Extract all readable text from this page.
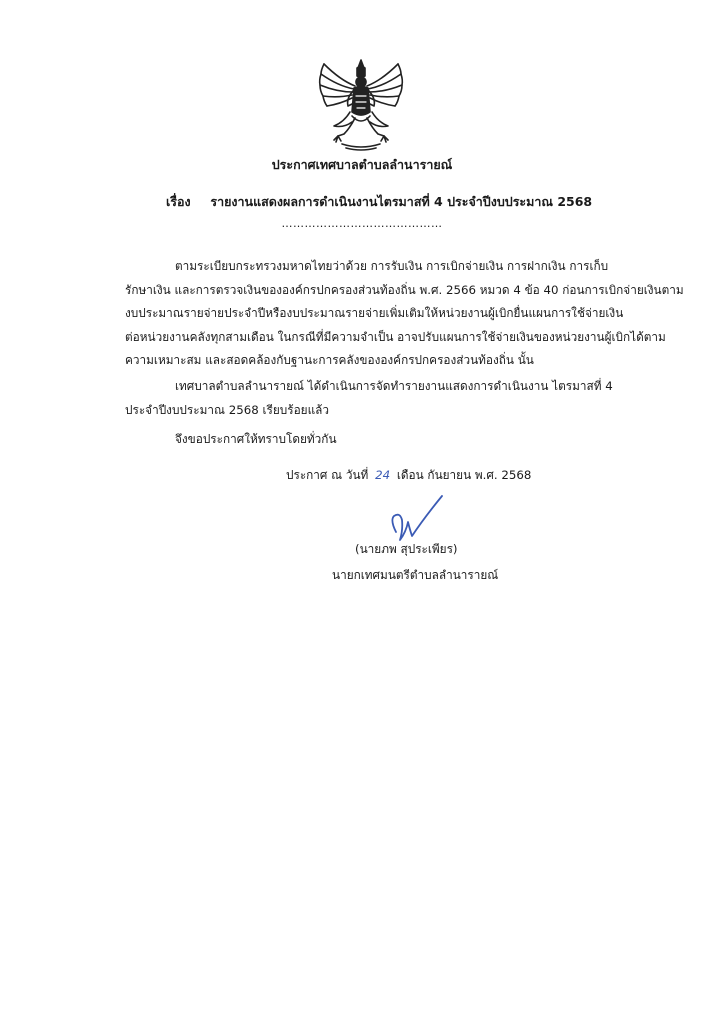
ประกาศเทศบาลตำบลลำนารายณ์
เรื่อง รายงานแสดงผลการดำเนินงานไตรมาสที่ 4 ประจำปีงบประมาณ 2568
……………………………………
ตามระเบียบกระทรวงมหาดไทยว่าด้วย การรับเงิน การเบิกจ่ายเงิน การฝากเงิน การเก็บ
รักษาเงิน และการตรวจเงินขององค์กรปกครองส่วนท้องถิ่น พ.ศ. 2566 หมวด 4 ข้อ 40 ก่อนการเบิกจ่ายเงินตาม
งบประมาณรายจ่ายประจำปีหรืองบประมาณรายจ่ายเพิ่มเติมให้หน่วยงานผู้เบิกยื่นแผนการใช้จ่ายเงิน
ต่อหน่วยงานคลังทุกสามเดือน ในกรณีที่มีความจำเป็น อาจปรับแผนการใช้จ่ายเงินของหน่วยงานผู้เบิกได้ตาม
ความเหมาะสม และสอดคล้องกับฐานะการคลังขององค์กรปกครองส่วนท้องถิ่น นั้น
เทศบาลตำบลลำนารายณ์ ได้ดำเนินการจัดทำรายงานแสดงการดำเนินงาน ไตรมาสที่ 4
ประจำปีงบประมาณ 2568 เรียบร้อยแล้ว
จึงขอประกาศให้ทราบโดยทั่วกัน
ประกาศ ณ วันที่ 24 เดือน กันยายน พ.ศ. 2568
(นายภพ สุประเพียร)
นายกเทศมนตรีตำบลลำนารายณ์
